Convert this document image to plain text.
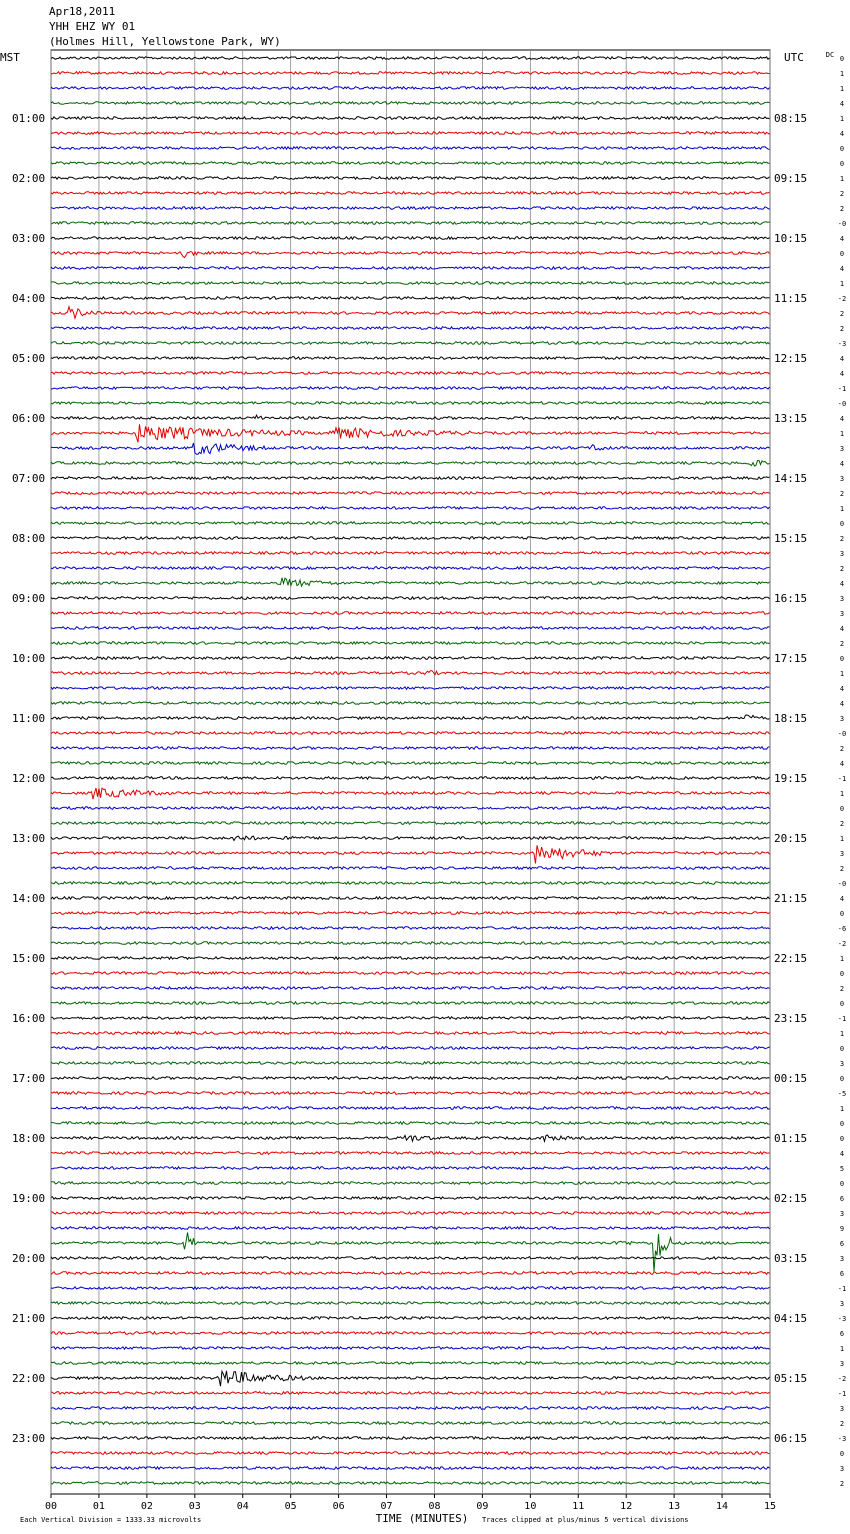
Apr18,2011
YHH EHZ WY 01
(Holmes Hill, Yellowstone Park, WY)
00	01	02	03	04	05	06	07	08	09	10	11	12	13	14	15
0
1
1
4
1
4
0
0
1
2
2
-0
4
0
4
1
-2
2
2
-3
4
4
-1
-0
4
1
3
4
3
2
1
0
2
3
2
4
3
3
4
2
0
1
4
4
3
-0
2
4
-1
1
0
2
1
3
2
-0
4
0
-6
-2
1
0
2
0
-1
1
0
3
0
-5
1
0
0
4
5
0
6
3
9
6
3
6
-1
3
-3
6
1
3
-2
-1
3
2
-3
0
3
2
MST	UTC	DC
01:00
02:00
03:00
04:00
05:00
06:00
07:00
08:00
09:00
10:00
11:00
12:00
13:00
14:00
15:00
16:00
17:00
18:00
19:00
20:00
21:00
22:00
23:00
08:15
09:15
10:15
11:15
12:15
13:15
14:15
15:15
16:15
17:15
18:15
19:15
20:15
21:15
22:15
23:15
00:15
01:15
02:15
03:15
04:15
05:15
06:15
TIME (MINUTES)
Each Vertical Division = 1333.33 microvolts	Traces clipped at plus/minus 5 vertical divisions
